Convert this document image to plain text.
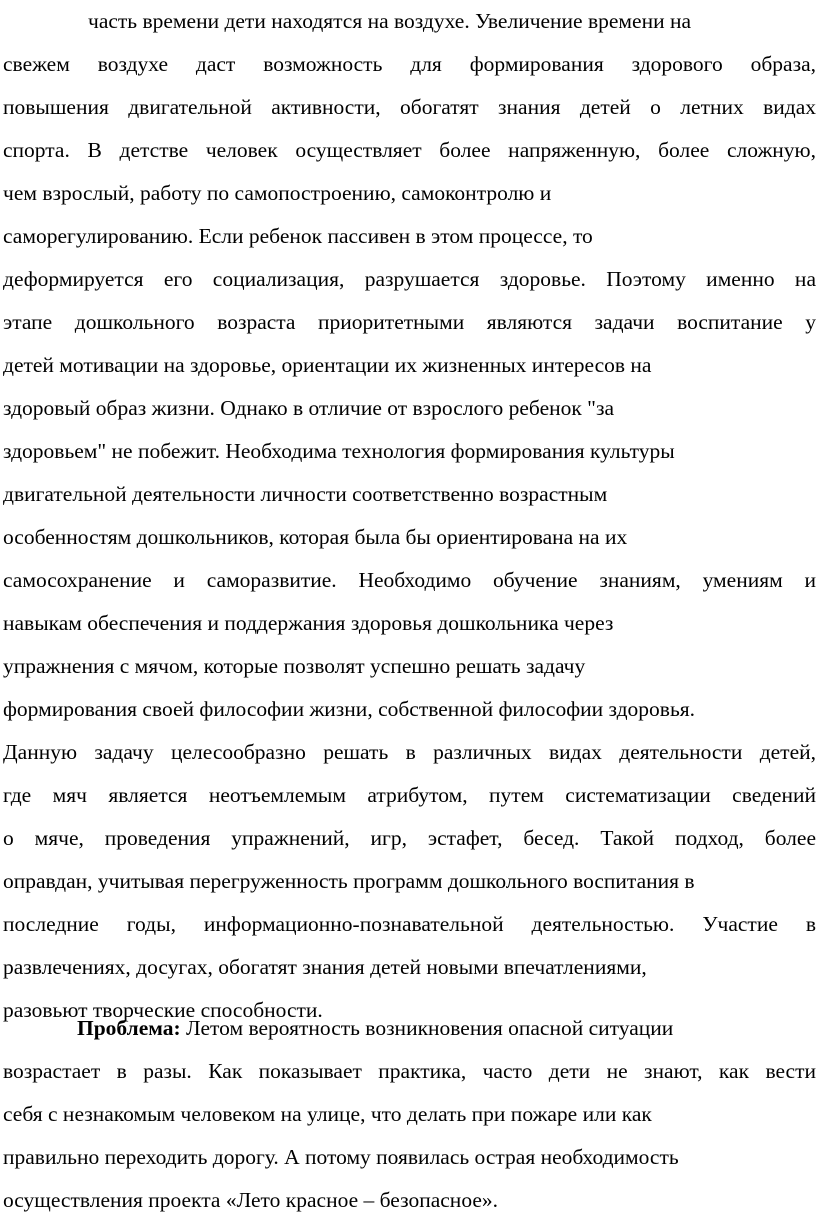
часть времени дети находятся на воздухе. Увеличение времени на
свежем воздухе даст возможность для формирования здорового образа,
повышения двигательной активности, обогатят знания детей о летних видах
спорта. В детстве человек осуществляет более напряженную, более сложную,
чем взрослый, работу по самопостроению, самоконтролю и
саморегулированию. Если ребенок пассивен в этом процессе, то
деформируется его социализация, разрушается здоровье. Поэтому именно на
этапе дошкольного возраста приоритетными являются задачи воспитание у
детей мотивации на здоровье, ориентации их жизненных интересов на
здоровый образ жизни. Однако в отличие от взрослого ребенок "за
здоровьем" не побежит. Необходима технология формирования культуры
двигательной деятельности личности соответственно возрастным
особенностям дошкольников, которая была бы ориентирована на их
самосохранение и саморазвитие. Необходимо обучение знаниям, умениям и
навыкам обеспечения и поддержания здоровья дошкольника через
упражнения с мячом, которые позволят успешно решать задачу
формирования своей философии жизни, собственной философии здоровья.
Данную задачу целесообразно решать в различных видах деятельности детей,
где мяч является неотъемлемым атрибутом, путем систематизации сведений
о мяче, проведения упражнений, игр, эстафет, бесед. Такой подход, более
оправдан, учитывая перегруженность программ дошкольного воспитания в
последние годы, информационно-познавательной деятельностью. Участие в
развлечениях, досугах, обогатят знания детей новыми впечатлениями,
разовьют творческие способности.
Проблема: Летом вероятность возникновения опасной ситуации
возрастает в разы. Как показывает практика, часто дети не знают, как вести
себя с незнакомым человеком на улице, что делать при пожаре или как
правильно переходить дорогу. А потому появилась острая необходимость
осуществления проекта «Лето красное – безопасное».
